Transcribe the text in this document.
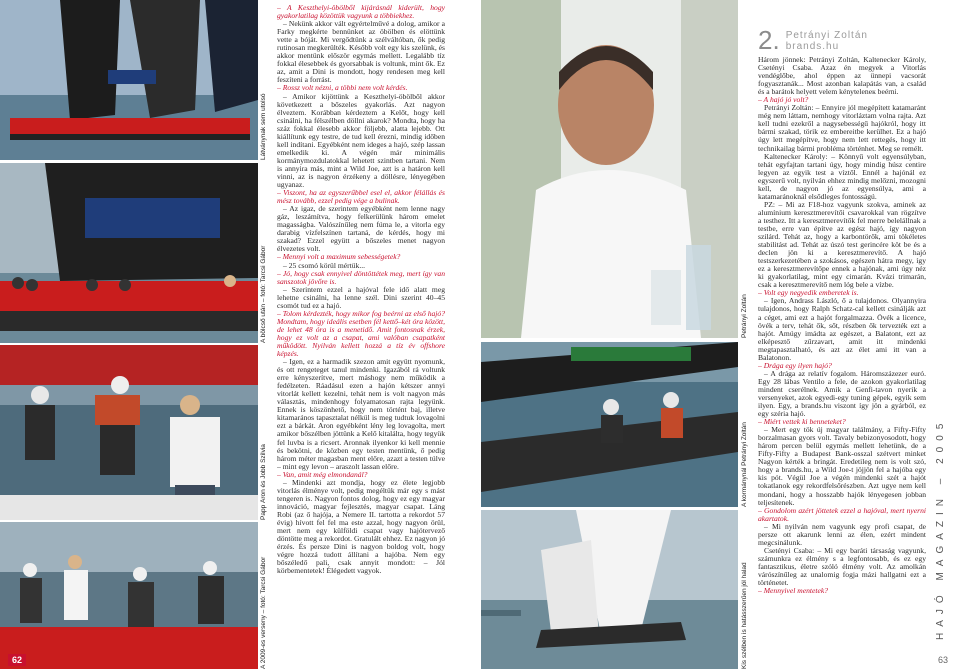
62
Látványnak sem utolsó
A bölcső után – fotó: Tarcsi Gábor
Papp Áron és Jobb Szilvia
A 2009-es verseny – fotó: Tarcsi Gábor

– A Keszthelyi-öbölből kijárásnál kiderült, hogy gyakorlatilag közöttük vagyunk a többiekhez.

– Nekünk akkor vált egyértelművé a dolog, amikor a Farky megkérte bennünket az öbölben és elöttünk vette a bóját. Mi vergődtünk a szélváltóban, ők pedig rutinosan megkerülték. Később volt egy kis szelünk, és akkor mentünk először egymás mellett. Legalább tíz fokkal élesebbek és gyorsabbak is voltunk, mint ők. Ez az, amit a Dini is mondott, hogy rendesen meg kell feszíteni a forrást.

– Rossz volt nézni, a többi nem volt kérdés.

– Amikor kijöttünk a Keszthelyi-öbölből akkor következett a bőszeles gyakorlás. Azt nagyon élveztem. Korábban kérdeztem a Kelőt, hogy kell csinálni, ha félszélben döllni akarok? Mondta, hogy ha száz fokkal élesebb akkor följebb, alatta lejebb. Ott kiállítunk egy testre, de tud kell érezni, mindig időben kell indítani. Egyébként nem ideges a hajó, szép lassan emelkedik ki. A végén már minimális kormánymozdulatokkal lehetett szintben tartani. Nem is annyira más, mint a Wild Joe, azt is a határon kell vinni, az is nagyon érzékeny a döllésre, lényegében ugyanaz.

– Viszont, ha az egyszerűbbel esel el, akkor félállás és mész tovább, ezzel pedig vége a bulinak.

– Az igaz, de szerintem egyébként nem lenne nagy gáz, leszámítva, hogy felkerülünk három emelet magasságba. Valószínűleg nem fúma le, a vitorla egy darabig vízfelszínen tartaná, de kérdés, hogy mi szakad? Ezzel együtt a bőszeles menet nagyon élvezetes volt.

– Mennyi volt a maximum sebességetek?

– 25 csomó körül mértük...

– Jó, hogy csak ennyivel döntöttétek meg, mert így van sanszotok jövőre is.

– Szerintem ezzel a hajóval fele idő alatt meg lehetne csinálni, ha lenne szél. Dini szerint 40–45 csomót tud ez a hajó.

– Tolom kérdezték, hogy mikor fog beérni az első hajó? Mondtam, hogy ideális esetben fél kettő–két óra között, de lehet 48 óra is a menetidő. Amit fontosnak érzek, hogy ez volt az a csapat, ami valóban csapatként működött. Nyilván kellett hozzá a tíz év offshore képzés.

– Igen, ez a harmadik szezon amit együtt nyomunk, és ott rengeteget tanul mindenki. Igazából rá voltunk erre kényszerítve, mert máshogy nem működik a fedélzeten. Ráadásul ezen a hajón kétszer annyi vitorlát kellett kezelni, tehát nem is volt nagyon más választás, mindenhogy folyamatosan rajta legyünk. Ennek is köszönhető, hogy nem történt baj, illetve kitamarános tapasztalat nélkül is meg tudtuk lovagolni ezt a bárkát. Aron egyébként lény leg lovagolta, mert amikor bőszélben jöttünk a Kelő kitalálta, hogy tegyük fel luvba is a ricsert. Aronnak ilyenkor ki kell mennie és bekötni, de közben egy testen mentünk, ő pedig három méter magasban ment előre, azazt a testen túlve – mint egy levon – araszolt lassan előre.

– Van, amit még elmondanál?

– Mindenki azt mondja, hogy ez élete legjobb vitorlás élménye volt, pedig megéltük már egy s mást tengeren is. Nagyon fontos dolog, hogy ez egy magyar innováció, magyar fejlesztés, magyar csapat. Láng Robi (az ő hajója, a Nemere II. tartotta a rekordot 57 évig) hívott fel fel ma este azzal, hogy nagyon örül, mert nem egy külföldi csapat vagy hajótervező döntötte meg a rekordot. Gratulált ehhez. Ez nagyon jó érzés. És persze Dini is nagyon boldog volt, hogy végre hozzá tudott állítani a hajóba. Nem egy bőszéledő pali, csak annyit mondott: – Jól körbementetek! Élégedett vagyok.

Petrányi Zoltán
A kormánynál Petrányi Zoltán
Kis szélben is hatásszerűen jól halad
2. Petrányi Zoltán
brands.hu

Három jönnek: Petrányi Zoltán, Kaltenecker Károly, Csetényi Csaba. Azaz én megyek a Vitorlás vendéglőbe, ahol éppen az ünnepi vacsorát fogyasztanák... Most azonban kalapátás van, a család és a barátok helyett velem kényteleneк beérni.

– A hajó jó volt?

Petrányi Zoltán: – Ennyire jól megépített katamaránt még nem láttam, nemhogy vitorláztam volna rajta. Azt kell tudni ezekről a nagysebességű hajókról, hogy itt bármi szakad, törik ez embereitbe kerülhet. Ez a hajó úgy lett megépítve, hogy nem lett rettegés, hogy itt technikailag bármi probléma történhet. Meg se remélt.

Kaltenecker Károly: – Könnyű volt egyensúlyban, tehát egyfajtan tartani úgy, hogy mindig húsz centire legyen az egyik test a víztől. Ennél a hajónál ez egyszerű volt, nyilván ehhez mindig melőzni, mozogni kell, de nagyon jó az egyensúlya, ami a katamaránoknál elsődleges fontosságú.

PZ: – Mi az F18-hoz vagyunk szokva, aminek az alumínium keresztmerevítői csavarokkal van rögzítve a testhez. Itt a keresztmerevítők fel merre belelállnak a testbe, erre van építve az egész hajó, így nagyon szilárd. Tehát az, hogy a karbontörők, ami tökéletes stabilitást ad. Tehát az úszó test gerincére köt be és a declen jön ki a keresztmerevítő. A hajó testszerkezetében a szokásos, egészen hátra megy, így ez a keresztmerevítőpe ennek a hajónak, ami úgy néz ki gyakorlatilag, mint egy cimarán. Kvázi trimarán, csak a keresztmerevítő nem lóg bele a vízbe.

– Volt egy negyedik emberetek is.

– Igen, Andrass László, ő a tulajdonos. Olyannyira tulajdonos, hogy Ralph Schatz-cal kellett csinálják azt a céget, ami ezt a hajót forgalmazza. Övék a licence, övék a terv, tehát ők, sőt, részben ők tervezték ezt a hajót. Amúgy imádta az egészet, a Balatont, ezt az elképesztő zűrzavart, amit itt mindenki megtapasztalható, és azt az élet ami itt van a Balatonon.

– Drága egy ilyen hajó?

– A drága az relatív fogalom. Háromszázezer euró. Egy 28 lábas Ventilo a fele, de azokon gyakorlatilag mindent cserélnek. Amik a Genfi-tavon nyerik a versenyeket, azok egyedi-egy tuning gépek, egyik sem ilyen. Egy, a brands.hu viszont így jön a gyárból, ez egy széria hajó.

– Miért vettek ki benneteket?

– Mert egy tök új magyar találmány, a Fifty-Fifty borzalmasan gyors volt. Tavaly bebizonyosodott, hogy három percen belül egymás mellett lehetünk, de a Fifty-Fifty a Budapest Bank-osszal szétvert minket Nagyon kérték a bringát. Eredetileg nem is volt szó, hogy a brands.hu, a Wild Joe-t jöjjön fel a hajóba egy kis pót. Végül Joe a végén mindenki szét a hajót tokatlanok egy rekordfelsőrészben. Azt ugye nem kell mondani, hogy a hosszabb hajók lényegesen jobban teljesítenek.

– Gondolom azért jöttetek ezzel a hajóval, mert nyerni akartatok.

– Mi nyilván nem vagyunk egy profi csapat, de persze ott akarunk lenni az élen, ezért mindent megcsinálunk.

Csetényi Csaba: – Mi egy baráti társaság vagyunk, számunkra ez élmény s a legfontosabb, és ez egy fantasztikus, életre szóló élmény volt. Az amolkán várószínűleg az unalomig fogja mázi hallgatni ezt a történetet.

– Mennyivel mentetek?	HAJÓ MAGAZIN – 2005
63
